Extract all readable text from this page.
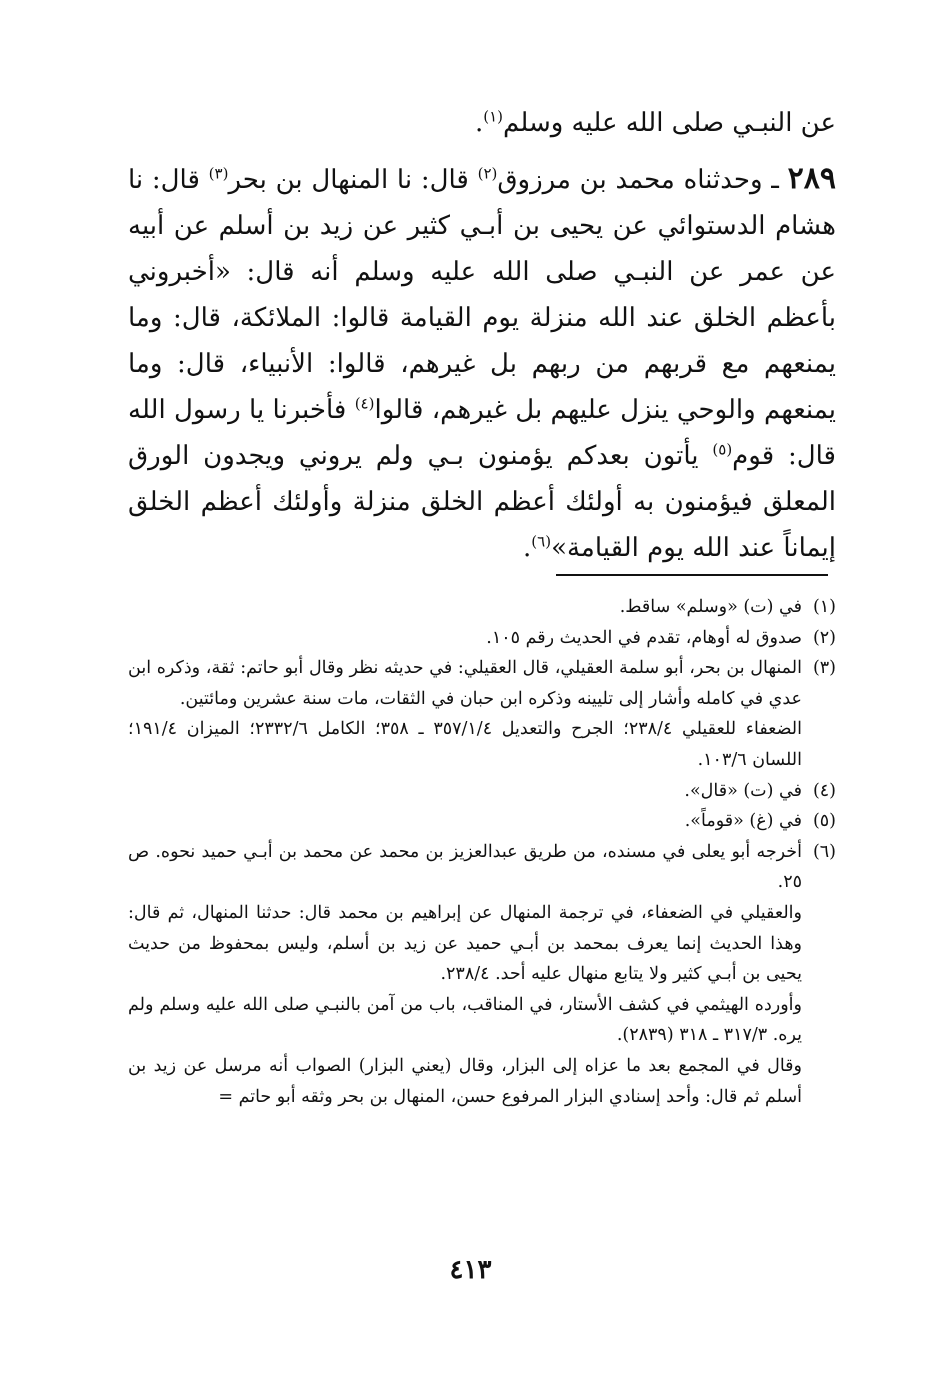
عن النبـي صلى الله عليه وسلم$^{(١)}$.

٢٨٩ ـ وحدثناه محمد بن مرزوق$^{(٢)}$ قال: نا المنهال بن بحر$^{(٣)}$ قال: نا هشام الدستوائي عن يحيى بن أبـي كثير عن زيد بن أسلم عن أبيه عن عمر عن النبـي صلى الله عليه وسلم أنه قال: «أخبروني بأعظم الخلق عند الله منزلة يوم القيامة قالوا: الملائكة، قال: وما يمنعهم مع قربهم من ربهم بل غيرهم، قالوا: الأنبياء، قال: وما يمنعهم والوحي ينزل عليهم بل غيرهم، قالوا$^{(٤)}$ فأخبرنا يا رسول الله قال: قوم$^{(٥)}$ يأتون بعدكم يؤمنون بـي ولم يروني ويجدون الورق المعلق فيؤمنون به أولئك أعظم الخلق منزلة وأولئك أعظم الخلق إيماناً عند الله يوم القيامة»$^{(٦)}$.

(١)
في (ت) «وسلم» ساقط.
(٢)
صدوق له أوهام، تقدم في الحديث رقم ١٠٥.
(٣)
المنهال بن بحر، أبو سلمة العقيلي، قال العقيلي: في حديثه نظر وقال أبو حاتم: ثقة، وذكره ابن عدي في كامله وأشار إلى تليينه وذكره ابن حبان في الثقات، مات سنة عشرين ومائتين.

الضعفاء للعقيلي ٢٣٨/٤؛ الجرح والتعديل ٣٥٧/١/٤ ـ ٣٥٨؛ الكامل ٢٣٣٢/٦؛ الميزان ١٩١/٤؛ اللسان ١٠٣/٦.

(٤)
في (ت) «قال».
(٥)
في (غ) «قوماً».
(٦)
أخرجه أبو يعلى في مسنده، من طريق عبدالعزيز بن محمد عن محمد بن أبـي حميد نحوه. ص ٢٥.

والعقيلي في الضعفاء، في ترجمة المنهال عن إبراهيم بن محمد قال: حدثنا المنهال، ثم قال: وهذا الحديث إنما يعرف بمحمد بن أبـي حميد عن زيد بن أسلم، وليس بمحفوظ من حديث يحيى بن أبـي كثير ولا يتابع منهال عليه أحد. ٢٣٨/٤.

وأورده الهيثمي في كشف الأستار، في المناقب، باب من آمن بالنبـي صلى الله عليه وسلم ولم يره. ٣١٧/٣ ـ ٣١٨ (٢٨٣٩).

وقال في المجمع بعد ما عزاه إلى البزار، وقال (يعني البزار) الصواب أنه مرسل عن زيد بن أسلم ثم قال: وأحد إسنادي البزار المرفوع حسن، المنهال بن بحر وثقه أبو حاتم =

٤١٣
